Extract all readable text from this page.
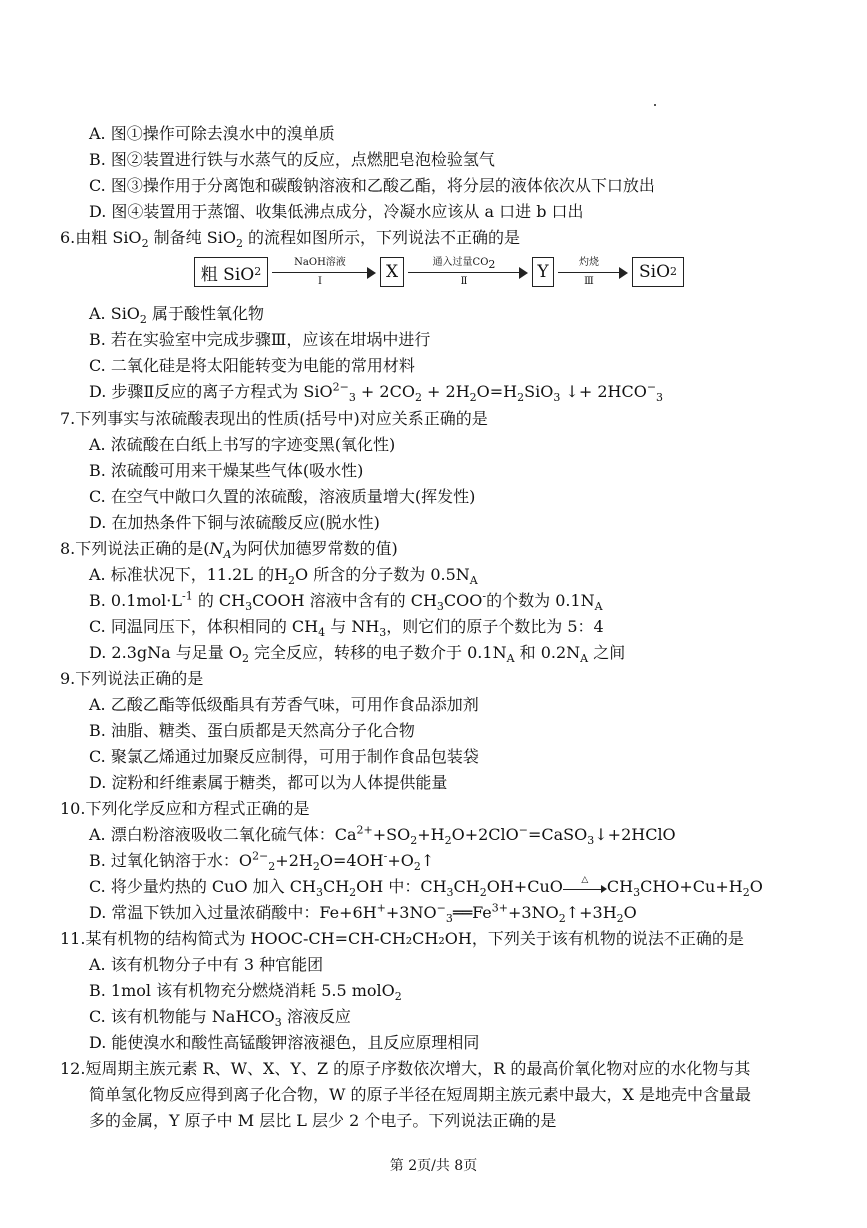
A. 图①操作可除去溴水中的溴单质
B. 图②装置进行铁与水蒸气的反应，点燃肥皂泡检验氢气
C. 图③操作用于分离饱和碳酸钠溶液和乙酸乙酯，将分层的液体依次从下口放出
D. 图④装置用于蒸馏、收集低沸点成分，冷凝水应该从 a 口进 b 口出
6.由粗 SiO$_2$ 制备纯 SiO$_2$ 的流程如图所示，下列说法不正确的是
粗 SiO 2
NaOH溶液
Ⅰ	X	通入过量$CO_2$
Ⅱ	Y	灼烧
Ⅲ	SiO 2
A. SiO$_2$ 属于酸性氧化物
B. 若在实验室中完成步骤Ⅲ，应该在坩埚中进行
C. 二氧化硅是将太阳能转变为电能的常用材料
D. 步骤Ⅱ反应的离子方程式为 $SiO^{2-}_3 + 2CO_2 + 2H_2O=H_2SiO_3$ ↓+ $2HCO^-_3$
7.下列事实与浓硫酸表现出的性质(括号中)对应关系正确的是
A. 浓硫酸在白纸上书写的字迹变黑(氧化性)
B. 浓硫酸可用来干燥某些气体(吸水性)
C. 在空气中敞口久置的浓硫酸，溶液质量增大(挥发性)
D. 在加热条件下铜与浓硫酸反应(脱水性)
8.下列说法正确的是($N_A$为阿伏加德罗常数的值)
A. 标准状况下，11.2L 的$H_2O$ 所含的分子数为 $0.5N_A$
B. $0.1mol\cdot L^{-1}$ 的 $CH_3COOH$ 溶液中含有的 $CH_3COO^-$的个数为 $0.1N_A$
C. 同温同压下，体积相同的 $CH_4$ 与 $NH_3$，则它们的原子个数比为 5：4
D. 2.3gNa 与足量 $O_2$ 完全反应，转移的电子数介于 $0.1N_A$ 和 $0.2N_A$ 之间
9.下列说法正确的是
A. 乙酸乙酯等低级酯具有芳香气味，可用作食品添加剂
B. 油脂、糖类、蛋白质都是天然高分子化合物
C. 聚氯乙烯通过加聚反应制得，可用于制作食品包装袋
D. 淀粉和纤维素属于糖类，都可以为人体提供能量
10.下列化学反应和方程式正确的是
A. 漂白粉溶液吸收二氧化硫气体：$Ca^{2+}+SO_2+H_2O+2ClO^-=CaSO_3↓+2HClO$
B. 过氧化钠溶于水：$O^{2-}_2+2H_2O=4OH^-+O_2↑$
C. 将少量灼热的 CuO 加入 $CH_3CH_2OH$ 中：$CH_3CH_2OH+CuO$	△	$CH_3CHO+Cu+H_2O$
D. 常温下铁加入过量浓硝酸中：$Fe+6H^++3NO^-_3══Fe^{3+}+3NO_2↑+3H_2O$
11.某有机物的结构简式为 HOOC-CH=CH-CH₂CH₂OH，下列关于该有机物的说法不正确的是
A. 该有机物分子中有 3 种官能团
B. 1mol 该有机物充分燃烧消耗 5.5 molO$_2$
C. 该有机物能与 NaHCO$_3$ 溶液反应
D. 能使溴水和酸性高锰酸钾溶液褪色，且反应原理相同
12.短周期主族元素 R、W、X、Y、Z 的原子序数依次增大，R 的最高价氧化物对应的水化物与其
简单氢化物反应得到离子化合物，W 的原子半径在短周期主族元素中最大，X 是地壳中含量最
多的金属，Y 原子中 M 层比 L 层少 2 个电子。下列说法正确的是
第 2页/共 8页
